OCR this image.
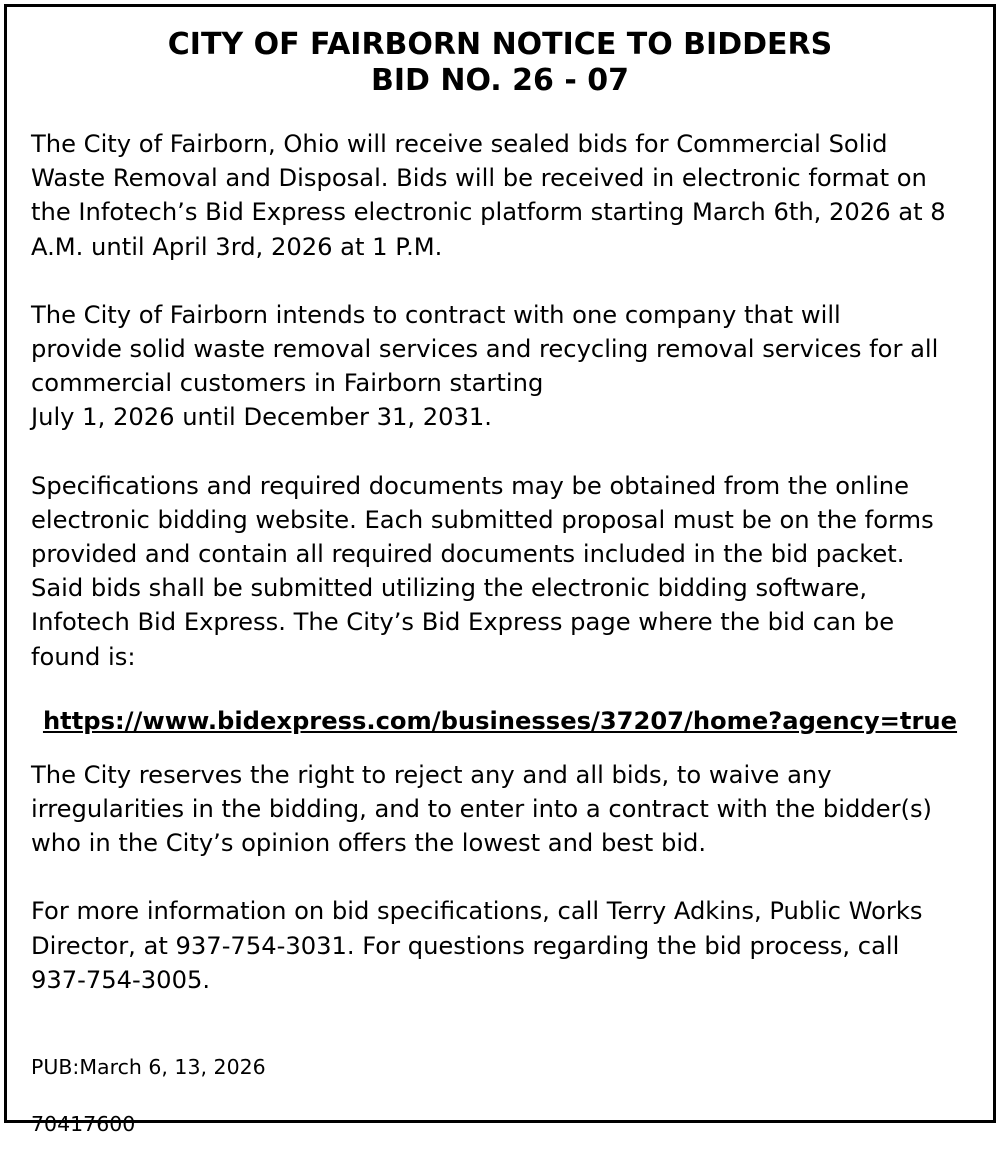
CITY OF FAIRBORN NOTICE TO BIDDERS
BID NO. 26 - 07

The City of Fairborn, Ohio will receive sealed bids for Commercial Solid
Waste Removal and Disposal. Bids will be received in electronic format on
the Infotech’s Bid Express electronic platform starting March 6th, 2026 at 8
A.M. until April 3rd, 2026 at 1 P.M.

The City of Fairborn intends to contract with one company that will
provide solid waste removal services and recycling removal services for all
commercial customers in Fairborn starting
July 1, 2026 until December 31, 2031.

Specifications and required documents may be obtained from the online
electronic bidding website. Each submitted proposal must be on the forms
provided and contain all required documents included in the bid packet.
Said bids shall be submitted utilizing the electronic bidding software,
Infotech Bid Express. The City’s Bid Express page where the bid can be
found is:

https://www.bidexpress.com/businesses/37207/home?agency=true

The City reserves the right to reject any and all bids, to waive any
irregularities in the bidding, and to enter into a contract with the bidder(s)
who in the City’s opinion offers the lowest and best bid.

For more information on bid specifications, call Terry Adkins, Public Works
Director, at 937-754-3031. For questions regarding the bid process, call
937-754-3005.

PUB:March 6, 13, 2026

70417600
